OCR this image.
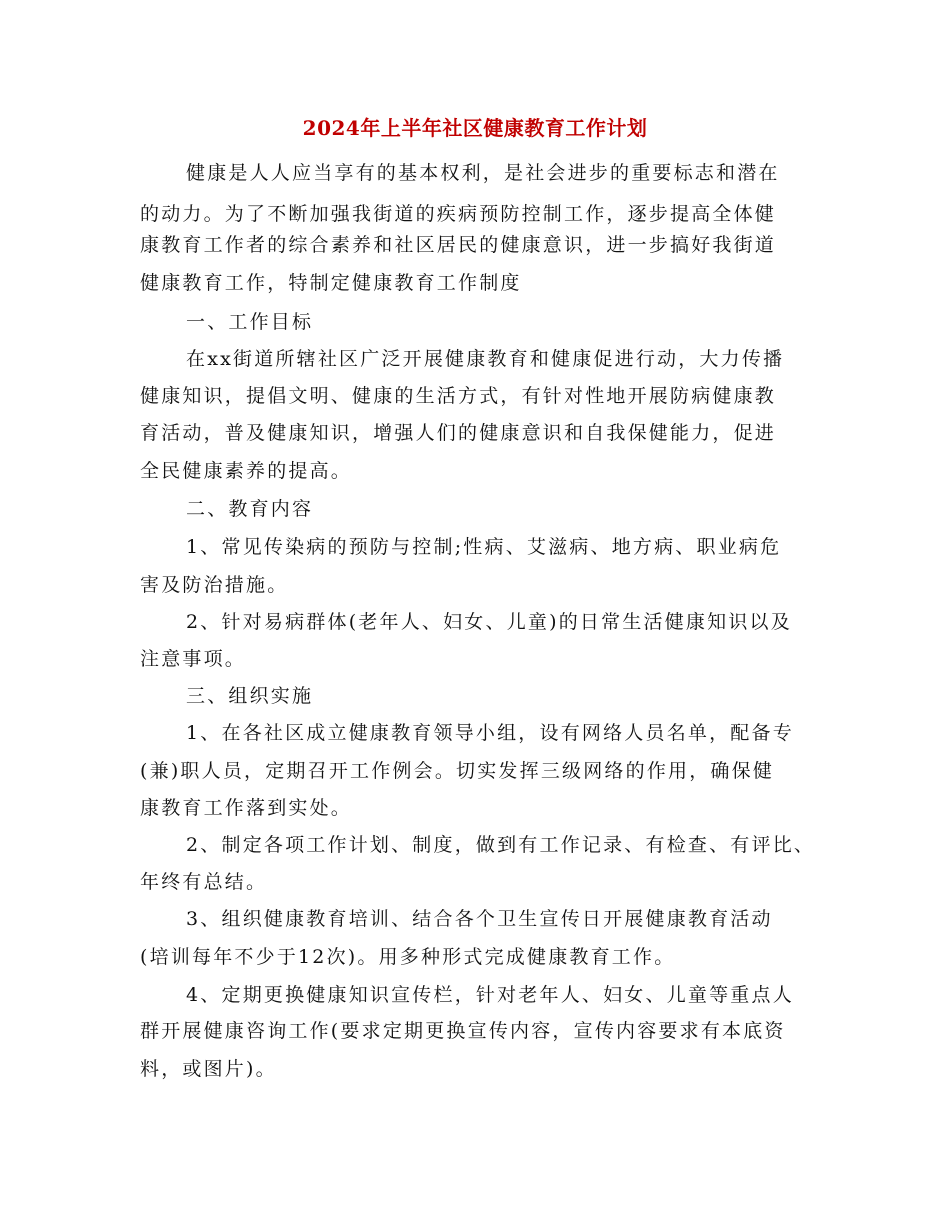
2024年上半年社区健康教育工作计划
健康是人人应当享有的基本权利，是社会进步的重要标志和潜在
的动力。为了不断加强我街道的疾病预防控制工作，逐步提高全体健
康教育工作者的综合素养和社区居民的健康意识，进一步搞好我街道
健康教育工作，特制定健康教育工作制度
一、工作目标
在xx街道所辖社区广泛开展健康教育和健康促进行动，大力传播
健康知识，提倡文明、健康的生活方式，有针对性地开展防病健康教
育活动，普及健康知识，增强人们的健康意识和自我保健能力，促进
全民健康素养的提高。
二、教育内容
1、常见传染病的预防与控制;性病、艾滋病、地方病、职业病危
害及防治措施。
2、针对易病群体(老年人、妇女、儿童)的日常生活健康知识以及
注意事项。
三、组织实施
1、在各社区成立健康教育领导小组，设有网络人员名单，配备专
(兼)职人员，定期召开工作例会。切实发挥三级网络的作用，确保健
康教育工作落到实处。
2、制定各项工作计划、制度，做到有工作记录、有检查、有评比、
年终有总结。
3、组织健康教育培训、结合各个卫生宣传日开展健康教育活动
(培训每年不少于12次)。用多种形式完成健康教育工作。
4、定期更换健康知识宣传栏，针对老年人、妇女、儿童等重点人
群开展健康咨询工作(要求定期更换宣传内容，宣传内容要求有本底资
料，或图片)。
